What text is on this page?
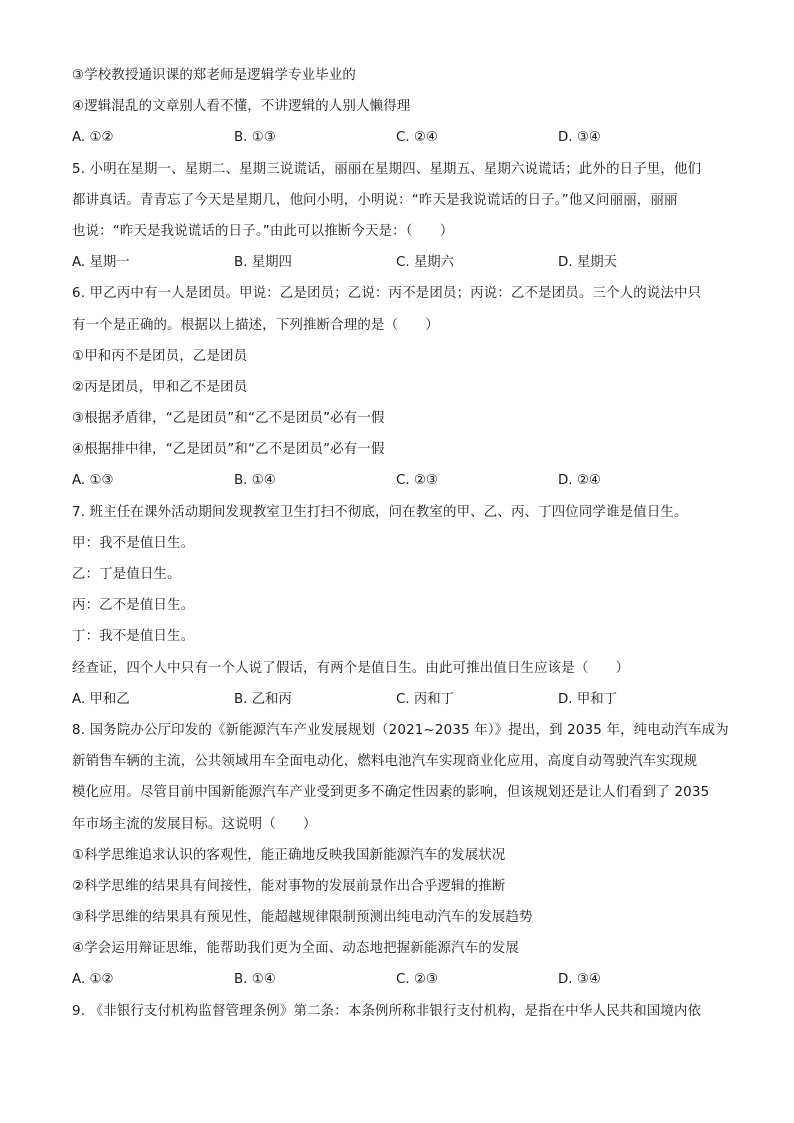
③学校教授通识课的郑老师是逻辑学专业毕业的
④逻辑混乱的文章别人看不懂，不讲逻辑的人别人懒得理
A. ①②	B. ①③	C. ②④	D. ③④
5. 小明在星期一、星期二、星期三说谎话，丽丽在星期四、星期五、星期六说谎话；此外的日子里，他们
都讲真话。青青忘了今天是星期几，他问小明，小明说：“昨天是我说谎话的日子。”他又问丽丽，丽丽
也说：“昨天是我说谎话的日子。”由此可以推断今天是：（　　）
A. 星期一	B. 星期四	C. 星期六	D. 星期天
6. 甲乙丙中有一人是团员。甲说：乙是团员；乙说：丙不是团员；丙说：乙不是团员。三个人的说法中只
有一个是正确的。根据以上描述，下列推断合理的是（　　）
①甲和丙不是团员，乙是团员
②丙是团员，甲和乙不是团员
③根据矛盾律，“乙是团员”和“乙不是团员”必有一假
④根据排中律，“乙是团员”和“乙不是团员”必有一假
A. ①③	B. ①④	C. ②③	D. ②④
7. 班主任在课外活动期间发现教室卫生打扫不彻底，问在教室的甲、乙、丙、丁四位同学谁是值日生。
甲：我不是值日生。
乙：丁是值日生。
丙：乙不是值日生。
丁：我不是值日生。
经查证，四个人中只有一个人说了假话，有两个是值日生。由此可推出值日生应该是（　　）
A. 甲和乙	B. 乙和丙	C. 丙和丁	D. 甲和丁
8. 国务院办公厅印发的《新能源汽车产业发展规划（2021~2035 年）》提出，到 2035 年，纯电动汽车成为
新销售车辆的主流，公共领域用车全面电动化，燃料电池汽车实现商业化应用，高度自动驾驶汽车实现规
模化应用。尽管目前中国新能源汽车产业受到更多不确定性因素的影响，但该规划还是让人们看到了 2035
年市场主流的发展目标。这说明（　　）
①科学思维追求认识的客观性，能正确地反映我国新能源汽车的发展状况
②科学思维的结果具有间接性，能对事物的发展前景作出合乎逻辑的推断
③科学思维的结果具有预见性，能超越规律限制预测出纯电动汽车的发展趋势
④学会运用辩证思维，能帮助我们更为全面、动态地把握新能源汽车的发展
A. ①②	B. ①④	C. ②③	D. ③④
9. 《非银行支付机构监督管理条例》第二条：本条例所称非银行支付机构，是指在中华人民共和国境内依
